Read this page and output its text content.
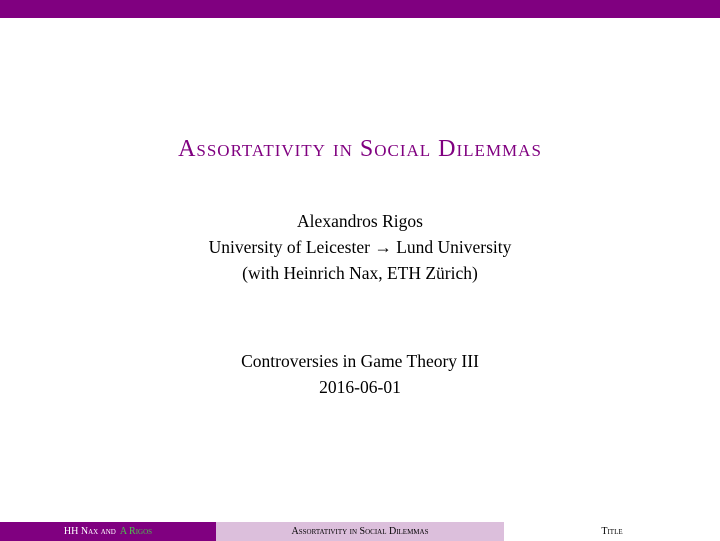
Assortativity in Social Dilemmas
Alexandros Rigos
University of Leicester → Lund University
(with Heinrich Nax, ETH Zürich)
Controversies in Game Theory III
2016-06-01
HH Nax and A Rigos	Assortativity in Social Dilemmas	Title
